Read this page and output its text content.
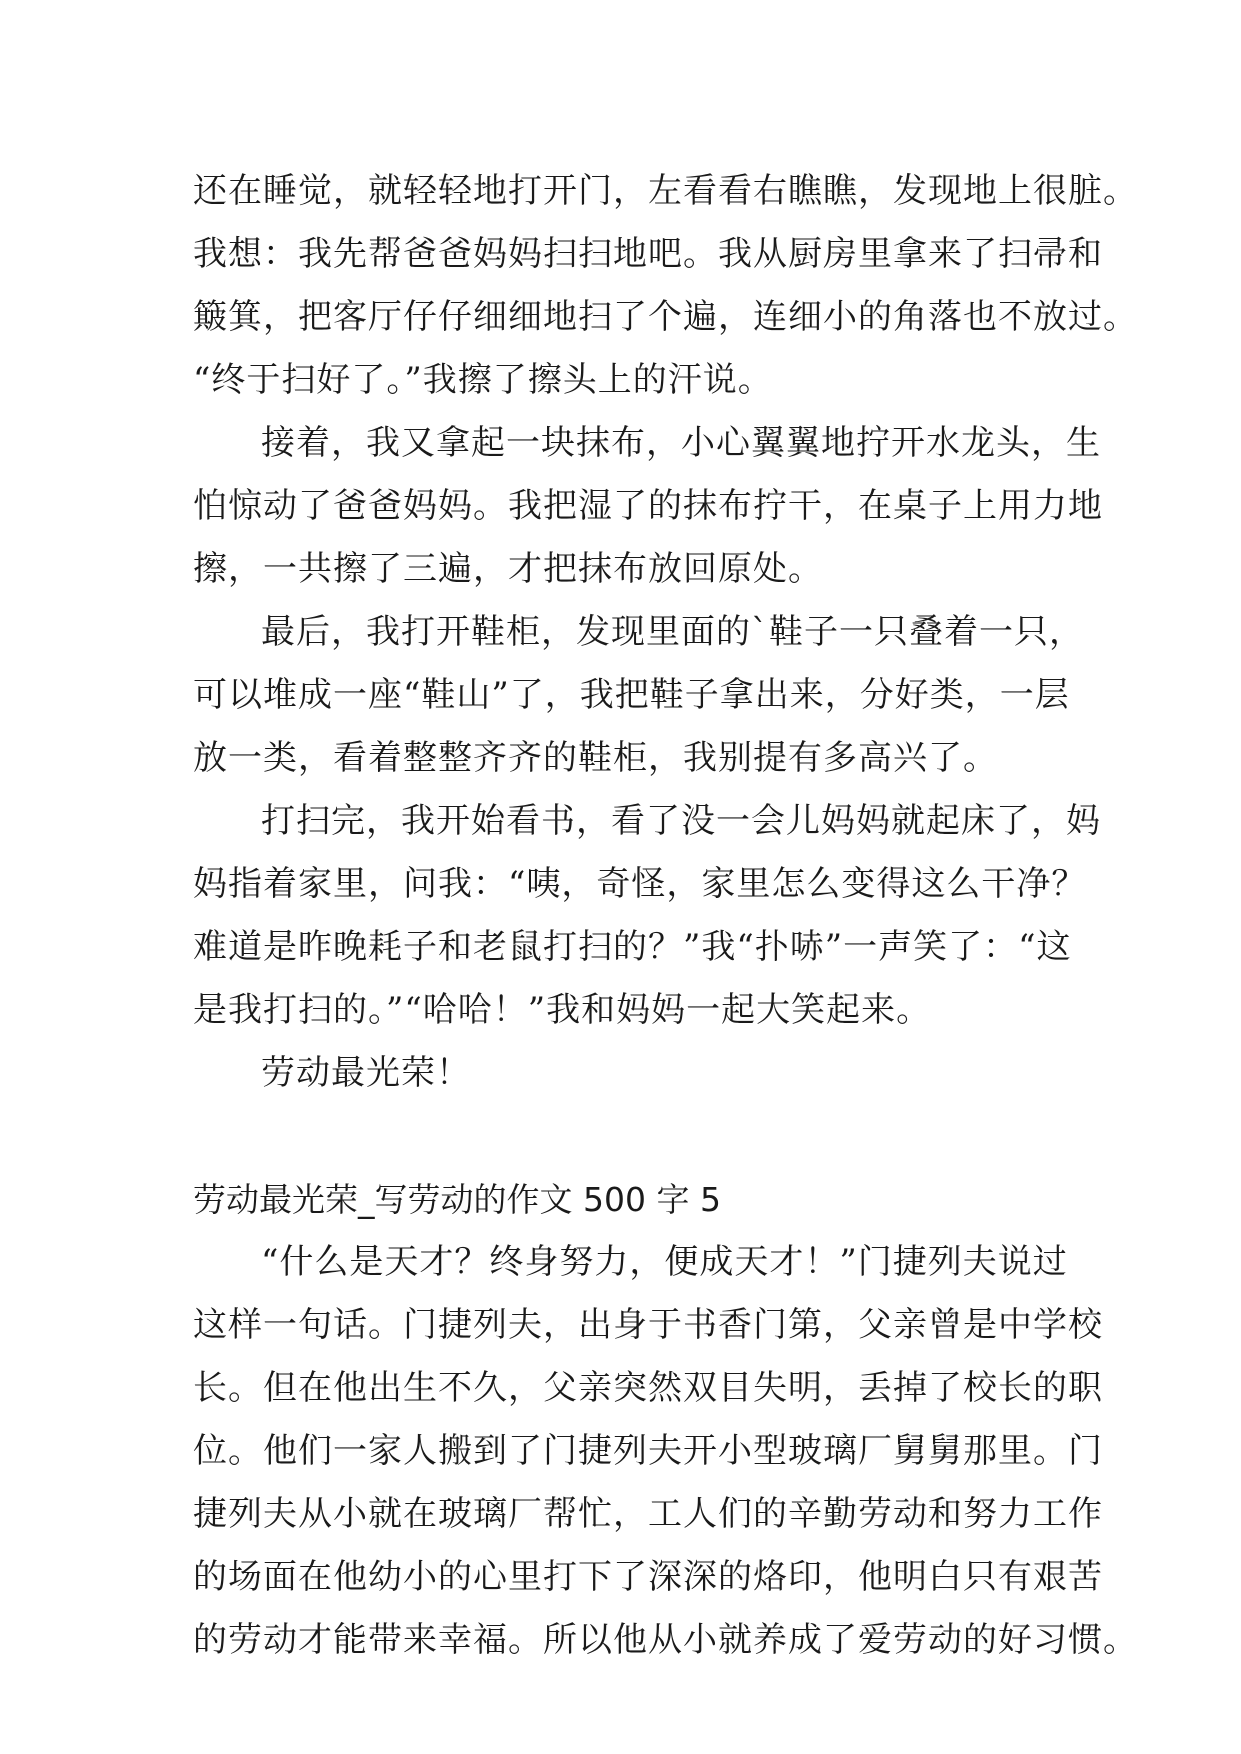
还在睡觉，就轻轻地打开门，左看看右瞧瞧，发现地上很脏。
我想：我先帮爸爸妈妈扫扫地吧。我从厨房里拿来了扫帚和
簸箕，把客厅仔仔细细地扫了个遍，连细小的角落也不放过。
“终于扫好了。”我擦了擦头上的汗说。
接着，我又拿起一块抹布，小心翼翼地拧开水龙头，生
怕惊动了爸爸妈妈。我把湿了的抹布拧干，在桌子上用力地
擦，一共擦了三遍，才把抹布放回原处。
最后，我打开鞋柜，发现里面的`鞋子一只叠着一只，
可以堆成一座“鞋山”了，我把鞋子拿出来，分好类，一层
放一类，看着整整齐齐的鞋柜，我别提有多高兴了。
打扫完，我开始看书，看了没一会儿妈妈就起床了，妈
妈指着家里，问我：“咦，奇怪，家里怎么变得这么干净？
难道是昨晚耗子和老鼠打扫的？”我“扑哧”一声笑了：“这
是我打扫的。”“哈哈！”我和妈妈一起大笑起来。
劳动最光荣！
劳动最光荣_写劳动的作文 500 字 5
“什么是天才？终身努力，便成天才！”门捷列夫说过
这样一句话。门捷列夫，出身于书香门第，父亲曾是中学校
长。但在他出生不久，父亲突然双目失明，丢掉了校长的职
位。他们一家人搬到了门捷列夫开小型玻璃厂舅舅那里。门
捷列夫从小就在玻璃厂帮忙，工人们的辛勤劳动和努力工作
的场面在他幼小的心里打下了深深的烙印，他明白只有艰苦
的劳动才能带来幸福。所以他从小就养成了爱劳动的好习惯。
